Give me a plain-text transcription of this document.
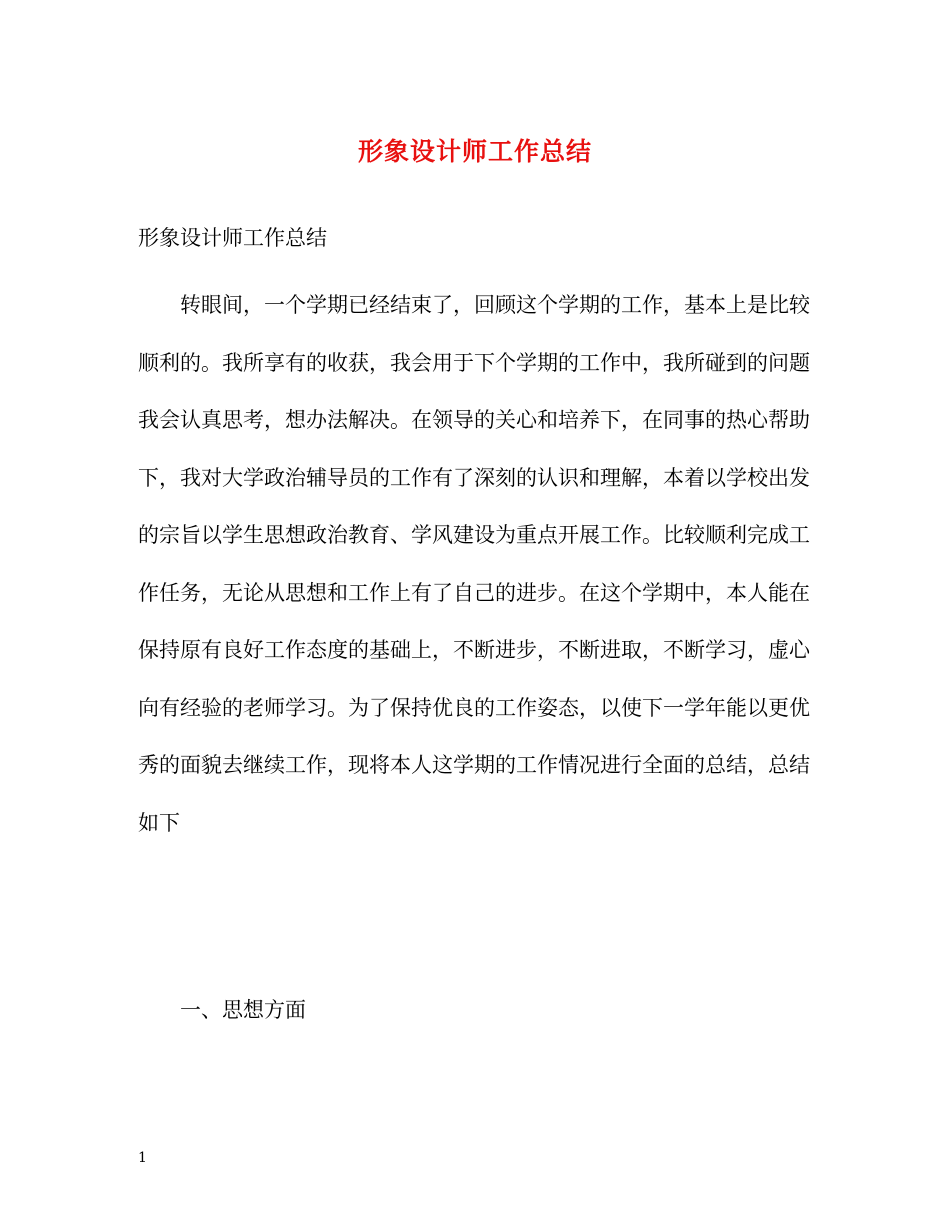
形象设计师工作总结
形象设计师工作总结

转眼间，一个学期已经结束了，回顾这个学期的工作，基本上是比较顺利的。我所享有的收获，我会用于下个学期的工作中，我所碰到的问题我会认真思考，想办法解决。在领导的关心和培养下，在同事的热心帮助下，我对大学政治辅导员的工作有了深刻的认识和理解，本着以学校出发的宗旨以学生思想政治教育、学风建设为重点开展工作。比较顺利完成工作任务，无论从思想和工作上有了自己的进步。在这个学期中，本人能在保持原有良好工作态度的基础上，不断进步，不断进取，不断学习，虚心向有经验的老师学习。为了保持优良的工作姿态，以使下一学年能以更优秀的面貌去继续工作，现将本人这学期的工作情况进行全面的总结，总结如下

一、思想方面
1
